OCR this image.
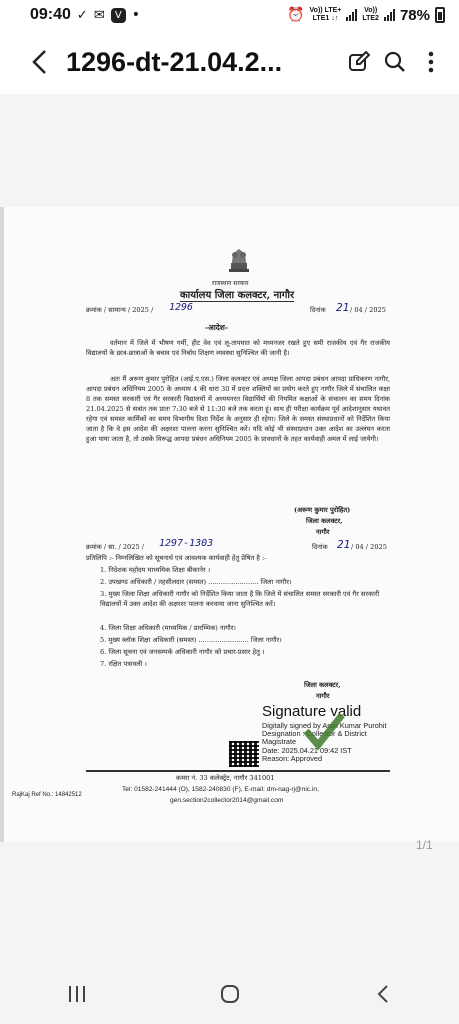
09:40 ✓ ✉	V •	⏰ Vo)) LTE+
LTE1 ↓↑
Vo))
LTE2 78%
1296-dt-21.04.2...
राजस्थान सरकार
कार्यालय जिला कलक्टर, नागौर
क्रमांक / सामान्य / 2025 / 1296	दिनांक 21 / 04 / 2025
-आदेश-
वर्तमान में जिले में भीषण गर्मी, हीट वेव एवं लू-तापघात को मध्यनजर रखते हुए समी राजकीय एवं गैर राजकीय विद्यालयों के छात्र-छात्राओं के बचाव एवं निर्बाध शिक्षण व्यवस्था सुनिश्चित की जानी है।
अतः मैं अरूण कुमार पुरोहित (आई.ए.एस.) जिला कलक्टर एवं अध्यक्ष जिला आपदा प्रबंधन आपदा प्राधिकरण नागौर, आपदा प्रबंधन अधिनियम 2005 के अध्याय 4 की धारा 30 में प्रदत्त शक्तियों का प्रयोग करते हुए नागौर जिले में संचालित कक्षा 8 तक समस्त सरकारी एवं गैर सरकारी विद्यालयों में अध्ययनरत विद्यार्थियों की नियमित कक्षाओं के संचालन का समय दिनांक 21.04.2025 से सत्रांत तक प्रातः 7:30 बजे से 11:30 बजे तक करता हूं। साथ ही परीक्षा कार्यक्रम पूर्व आदेशानुसार यथावत रहेगा एवं समस्त कार्मिकों का समय विभागीय दिशा निर्देश के अनुसार ही रहेगा। जिले के समस्त संस्थाप्रधानों को निर्देशित किया जाता है कि वे इस आदेश की अक्षरशः पालना करना सुनिश्चित करें। यदि कोई भी संस्थाप्रधान उक्त आदेश का उल्लंघन करता हुआ पाया जाता है, तो उसके विरूद्ध आपदा प्रबंधन अधिनियम 2005 के प्रावधानों के तहत कार्यवाही अमल में लाई जायेगी।
(अरूण कुमार पुरोहित)
जिला कलक्टर,
नागौर
क्रमांक / सा. / 2025 / 1297-1303	दिनांक 21 / 04 / 2025
प्रतिलिपि :- निम्नलिखित को सूचनार्थ एवं आवश्यक कार्यवाही हेतु प्रेषित है :-
1. निदेशक महोदय माध्यमिक शिक्षा बीकानेर ।
2. उपखण्ड अधिकारी / तहसीलदार (समस्त) ........................ जिला नागौर।
3. मुख्य जिला शिक्षा अधिकारी नागौर को निर्देशित किया जाता है कि जिले में संचालित समस्त सरकारी एवं गैर सरकारी विद्यालयों में उक्त आदेश की अक्षरशः पालना करवाया जाना सुनिश्चित करें।
4. जिला शिक्षा अधिकारी (माध्यमिक / प्रारम्भिक) नागौर।
5. मुख्य ब्लॉक शिक्षा अधिकारी (समस्त) ........................ जिला नागौर।
6. जिला सूचना एवं जनसम्पर्क अधिकारी नागौर को प्रचार-प्रसार हेतु ।
7. रक्षित पत्रावली ।
जिला कलक्टर,
नागौर
Signature valid
Digitally signed by Arun Kumar Purohit
Designation : Collector & District
Magistrate
Date: 2025.04.21 09:42 IST
Reason: Approved
कमरा नं. 33 कलेक्ट्रेट, नागौर 341001
Tel: 01582-241444 (O), 1582-240830 (F), E-mail: dm-nag-rj@nic.in,
gen.section2collector2014@gmail.com
RajKaj Ref No.: 14842512
1/1
